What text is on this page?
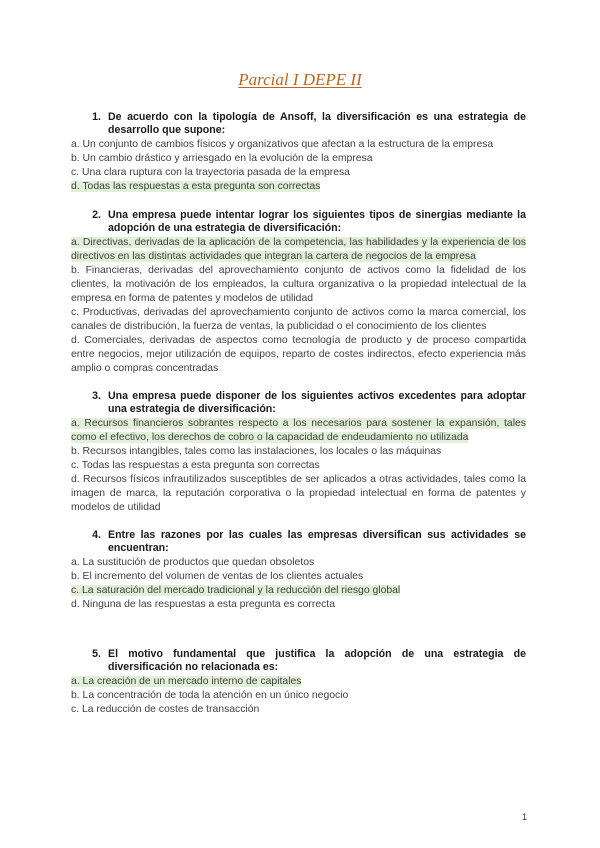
Parcial I DEPE II
1. De acuerdo con la tipología de Ansoff, la diversificación es una estrategia de desarrollo que supone:
a. Un conjunto de cambios físicos y organizativos que afectan a la estructura de la empresa
b. Un cambio drástico y arriesgado en la evolución de la empresa
c. Una clara ruptura con la trayectoria pasada de la empresa
d. Todas las respuestas a esta pregunta son correctas
2. Una empresa puede intentar lograr los siguientes tipos de sinergias mediante la adopción de una estrategia de diversificación:
a. Directivas, derivadas de la aplicación de la competencia, las habilidades y la experiencia de los directivos en las distintas actividades que integran la cartera de negocios de la empresa
b. Financieras, derivadas del aprovechamiento conjunto de activos como la fidelidad de los clientes, la motivación de los empleados, la cultura organizativa o la propiedad intelectual de la empresa en forma de patentes y modelos de utilidad
c. Productivas, derivadas del aprovechamiento conjunto de activos como la marca comercial, los canales de distribución, la fuerza de ventas, la publicidad o el conocimiento de los clientes
d. Comerciales, derivadas de aspectos como tecnología de producto y de proceso compartida entre negocios, mejor utilización de equipos, reparto de costes indirectos, efecto experiencia más amplio o compras concentradas
3. Una empresa puede disponer de los siguientes activos excedentes para adoptar una estrategia de diversificación:
a. Recursos financieros sobrantes respecto a los necesarios para sostener la expansión, tales como el efectivo, los derechos de cobro o la capacidad de endeudamiento no utilizada
b. Recursos intangibles, tales como las instalaciones, los locales o las máquinas
c. Todas las respuestas a esta pregunta son correctas
d. Recursos físicos infrautilizados susceptibles de ser aplicados a otras actividades, tales como la imagen de marca, la reputación corporativa o la propiedad intelectual en forma de patentes y modelos de utilidad
4. Entre las razones por las cuales las empresas diversifican sus actividades se encuentran:
a. La sustitución de productos que quedan obsoletos
b. El incremento del volumen de ventas de los clientes actuales
c. La saturación del mercado tradicional y la reducción del riesgo global
d. Ninguna de las respuestas a esta pregunta es correcta
5. El motivo fundamental que justifica la adopción de una estrategia de diversificación no relacionada es:
a. La creación de un mercado interno de capitales
b. La concentración de toda la atención en un único negocio
c. La reducción de costes de transacción
1
